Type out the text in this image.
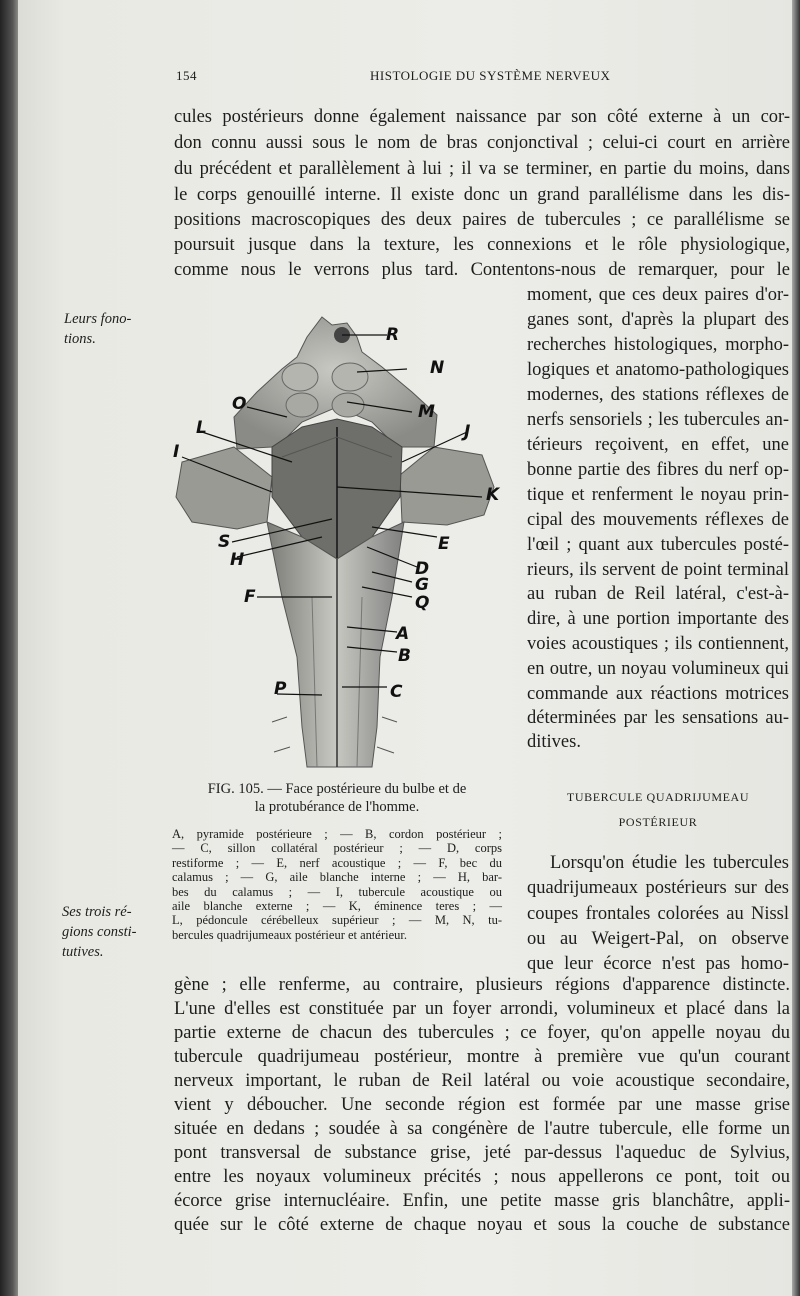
154	HISTOLOGIE DU SYSTÈME NERVEUX
cules postérieurs donne également naissance par son côté externe à un cor-
don connu aussi sous le nom de bras conjonctival ; celui-ci court en arrière
du précédent et parallèlement à lui ; il va se terminer, en partie du moins, dans
le corps genouillé interne. Il existe donc un grand parallélisme dans les dis-
positions macroscopiques des deux paires de tubercules ; ce parallélisme se
poursuit jusque dans la texture, les connexions et le rôle physiologique,
comme nous le verrons plus tard. Contentons-nous de remarquer, pour le
Leurs fono-
tions.
Ses trois ré-
gions consti-
tutives.
moment, que ces deux paires d'or-
ganes sont, d'après la plupart des
recherches histologiques, morpho-
logiques et anatomo-pathologiques
modernes, des stations réflexes de
nerfs sensoriels ; les tubercules an-
térieurs reçoivent, en effet, une
bonne partie des fibres du nerf op-
tique et renferment le noyau prin-
cipal des mouvements réflexes de
l'œil ; quant aux tubercules posté-
rieurs, ils servent de point terminal
au ruban de Reil latéral, c'est-à-
dire, à une portion importante des
voies acoustiques ; ils contiennent,
en outre, un noyau volumineux qui
commande aux réactions motrices
déterminées par les sensations au-
ditives.
TUBERCULE QUADRIJUMEAU
POSTÉRIEUR
Lorsqu'on étudie les tubercules
quadrijumeaux postérieurs sur des
coupes frontales colorées au Nissl
ou au Weigert-Pal, on observe
que leur écorce n'est pas homo-
gène ; elle renferme, au contraire, plusieurs régions d'apparence distincte.
L'une d'elles est constituée par un foyer arrondi, volumineux et placé dans la
partie externe de chacun des tubercules ; ce foyer, qu'on appelle noyau du
tubercule quadrijumeau postérieur, montre à première vue qu'un courant
nerveux important, le ruban de Reil latéral ou voie acoustique secondaire,
vient y déboucher. Une seconde région est formée par une masse grise
située en dedans ; soudée à sa congénère de l'autre tubercule, elle forme un
pont transversal de substance grise, jeté par-dessus l'aqueduc de Sylvius,
entre les noyaux volumineux précités ; nous appellerons ce pont, toit ou
écorce grise internucléaire. Enfin, une petite masse gris blanchâtre, appli-
quée sur le côté externe de chaque noyau et sous la couche de substance
R
N
O	M
L	J
I
K
S	E
H	D
G
Q
F
A
B
P	C
FIG. 105. — Face postérieure du bulbe et de
la protubérance de l'homme.
A, pyramide postérieure ; — B, cordon postérieur ;
— C, sillon collatéral postérieur ; — D, corps
restiforme ; — E, nerf acoustique ; — F, bec du
calamus ; — G, aile blanche interne ; — H, bar-
bes du calamus ; — I, tubercule acoustique ou
aile blanche externe ; — K, éminence teres ; —
L, pédoncule cérébelleux supérieur ; — M, N, tu-
bercules quadrijumeaux postérieur et antérieur.
